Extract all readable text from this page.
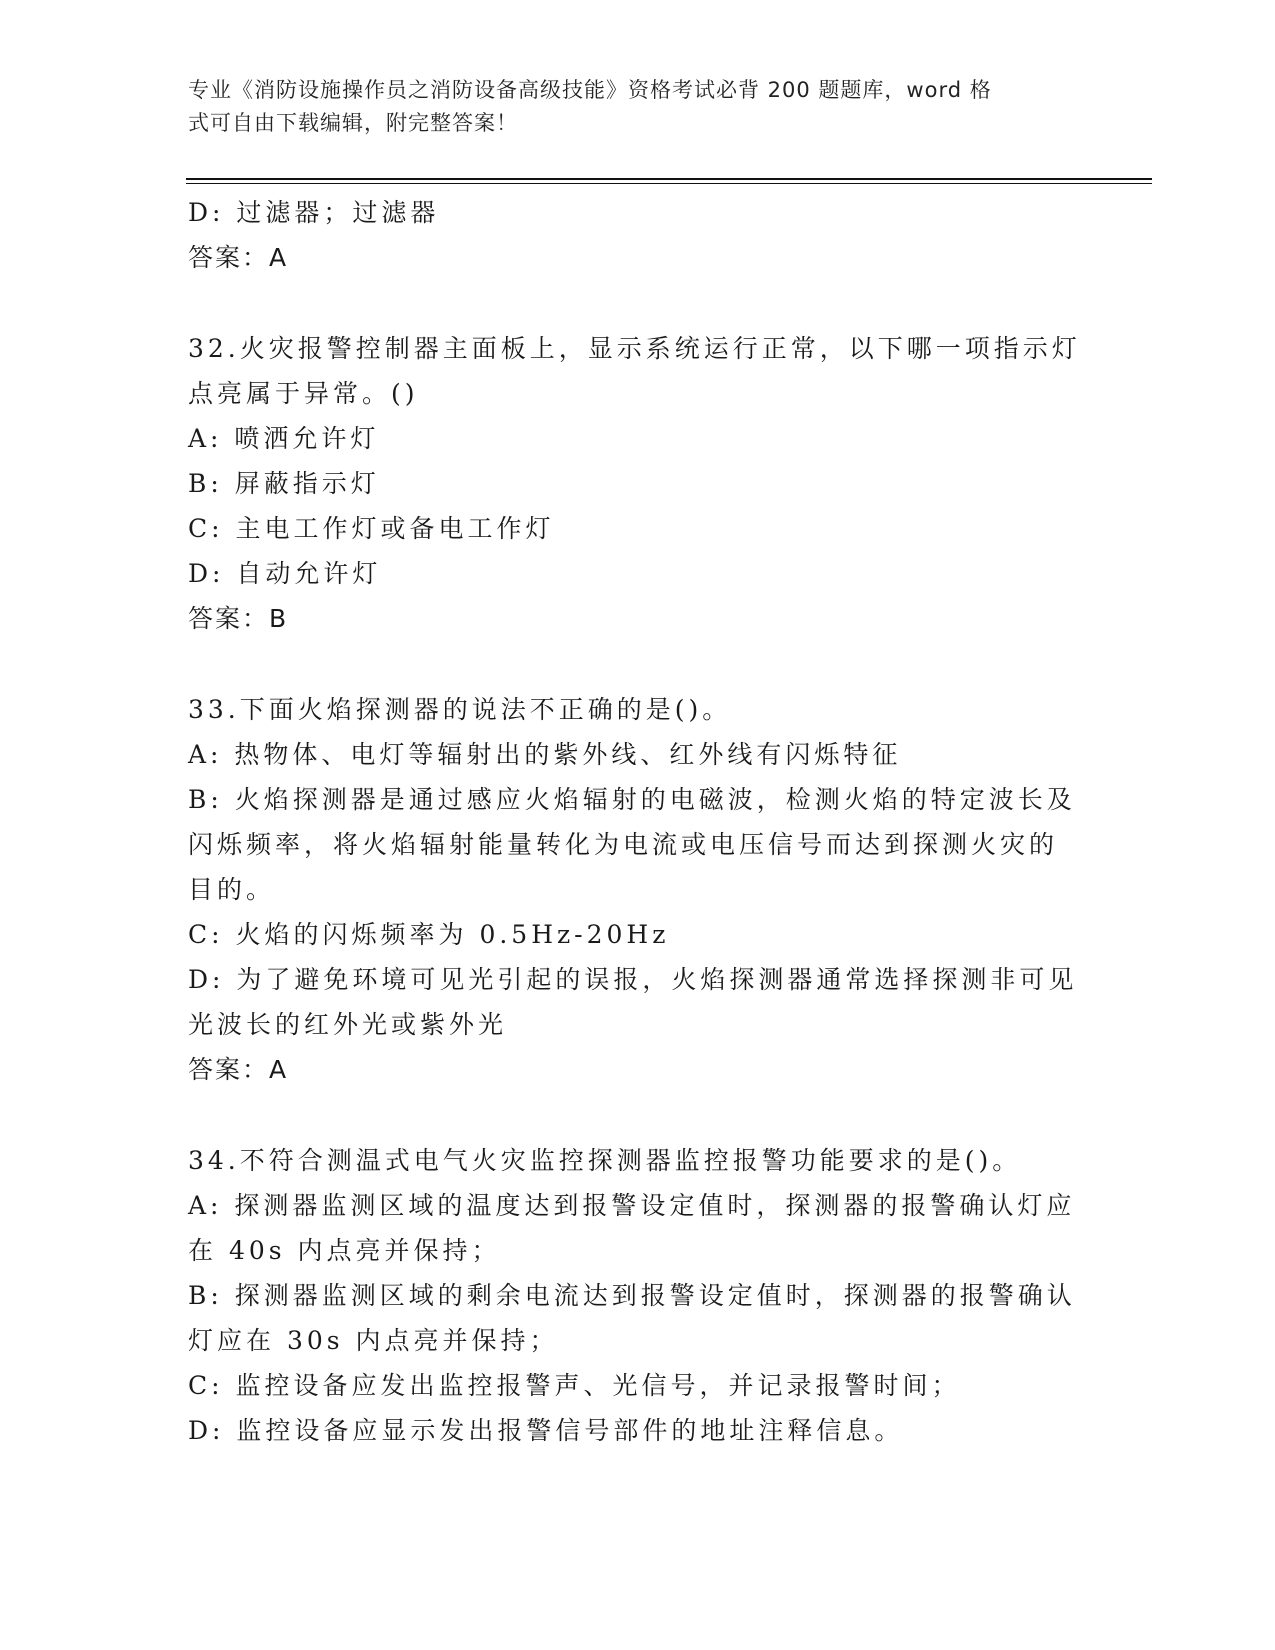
专业《消防设施操作员之消防设备高级技能》资格考试必背 200 题题库，word 格
式可自由下载编辑，附完整答案！
D: 过滤器；过滤器
答案：A
32.火灾报警控制器主面板上，显示系统运行正常，以下哪一项指示灯
点亮属于异常。()
A: 喷洒允许灯
B: 屏蔽指示灯
C: 主电工作灯或备电工作灯
D: 自动允许灯
答案：B
33.下面火焰探测器的说法不正确的是()。
A: 热物体、电灯等辐射出的紫外线、红外线有闪烁特征
B: 火焰探测器是通过感应火焰辐射的电磁波，检测火焰的特定波长及
闪烁频率，将火焰辐射能量转化为电流或电压信号而达到探测火灾的
目的。
C: 火焰的闪烁频率为 0.5Hz-20Hz
D: 为了避免环境可见光引起的误报，火焰探测器通常选择探测非可见
光波长的红外光或紫外光
答案：A
34.不符合测温式电气火灾监控探测器监控报警功能要求的是()。
A: 探测器监测区域的温度达到报警设定值时，探测器的报警确认灯应
在 40s 内点亮并保持；
B: 探测器监测区域的剩余电流达到报警设定值时，探测器的报警确认
灯应在 30s 内点亮并保持；
C: 监控设备应发出监控报警声、光信号，并记录报警时间；
D: 监控设备应显示发出报警信号部件的地址注释信息。
